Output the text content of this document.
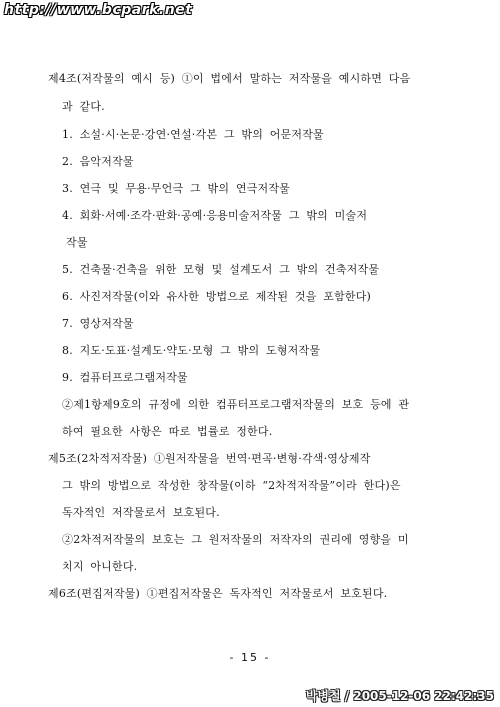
http://www.bcpark.net
제4조(저작물의 예시 등) ①이 법에서 말하는 저작물을 예시하면 다음
과 같다.
1. 소설·시·논문·강연·연설·각본 그 밖의 어문저작물
2. 음악저작물
3. 연극 및 무용·무언극 그 밖의 연극저작물
4. 회화·서예·조각·판화·공예·응용미술저작물 그 밖의 미술저
작물
5. 건축물·건축을 위한 모형 및 설계도서 그 밖의 건축저작물
6. 사진저작물(이와 유사한 방법으로 제작된 것을 포함한다)
7. 영상저작물
8. 지도·도표·설계도·약도·모형 그 밖의 도형저작물
9. 컴퓨터프로그램저작물
②제1항제9호의 규정에 의한 컴퓨터프로그램저작물의 보호 등에 관
하여 필요한 사항은 따로 법률로 정한다.
제5조(2차적저작물) ①원저작물을 번역·편곡·변형·각색·영상제작
그 밖의 방법으로 작성한 창작물(이하 “2차적저작물”이라 한다)은
독자적인 저작물로서 보호된다.
②2차적저작물의 보호는 그 원저작물의 저작자의 권리에 영향을 미
치지 아니한다.
제6조(편집저작물) ①편집저작물은 독자적인 저작물로서 보호된다.
- 15 -
박병철 / 2005-12-06 22:42:35
